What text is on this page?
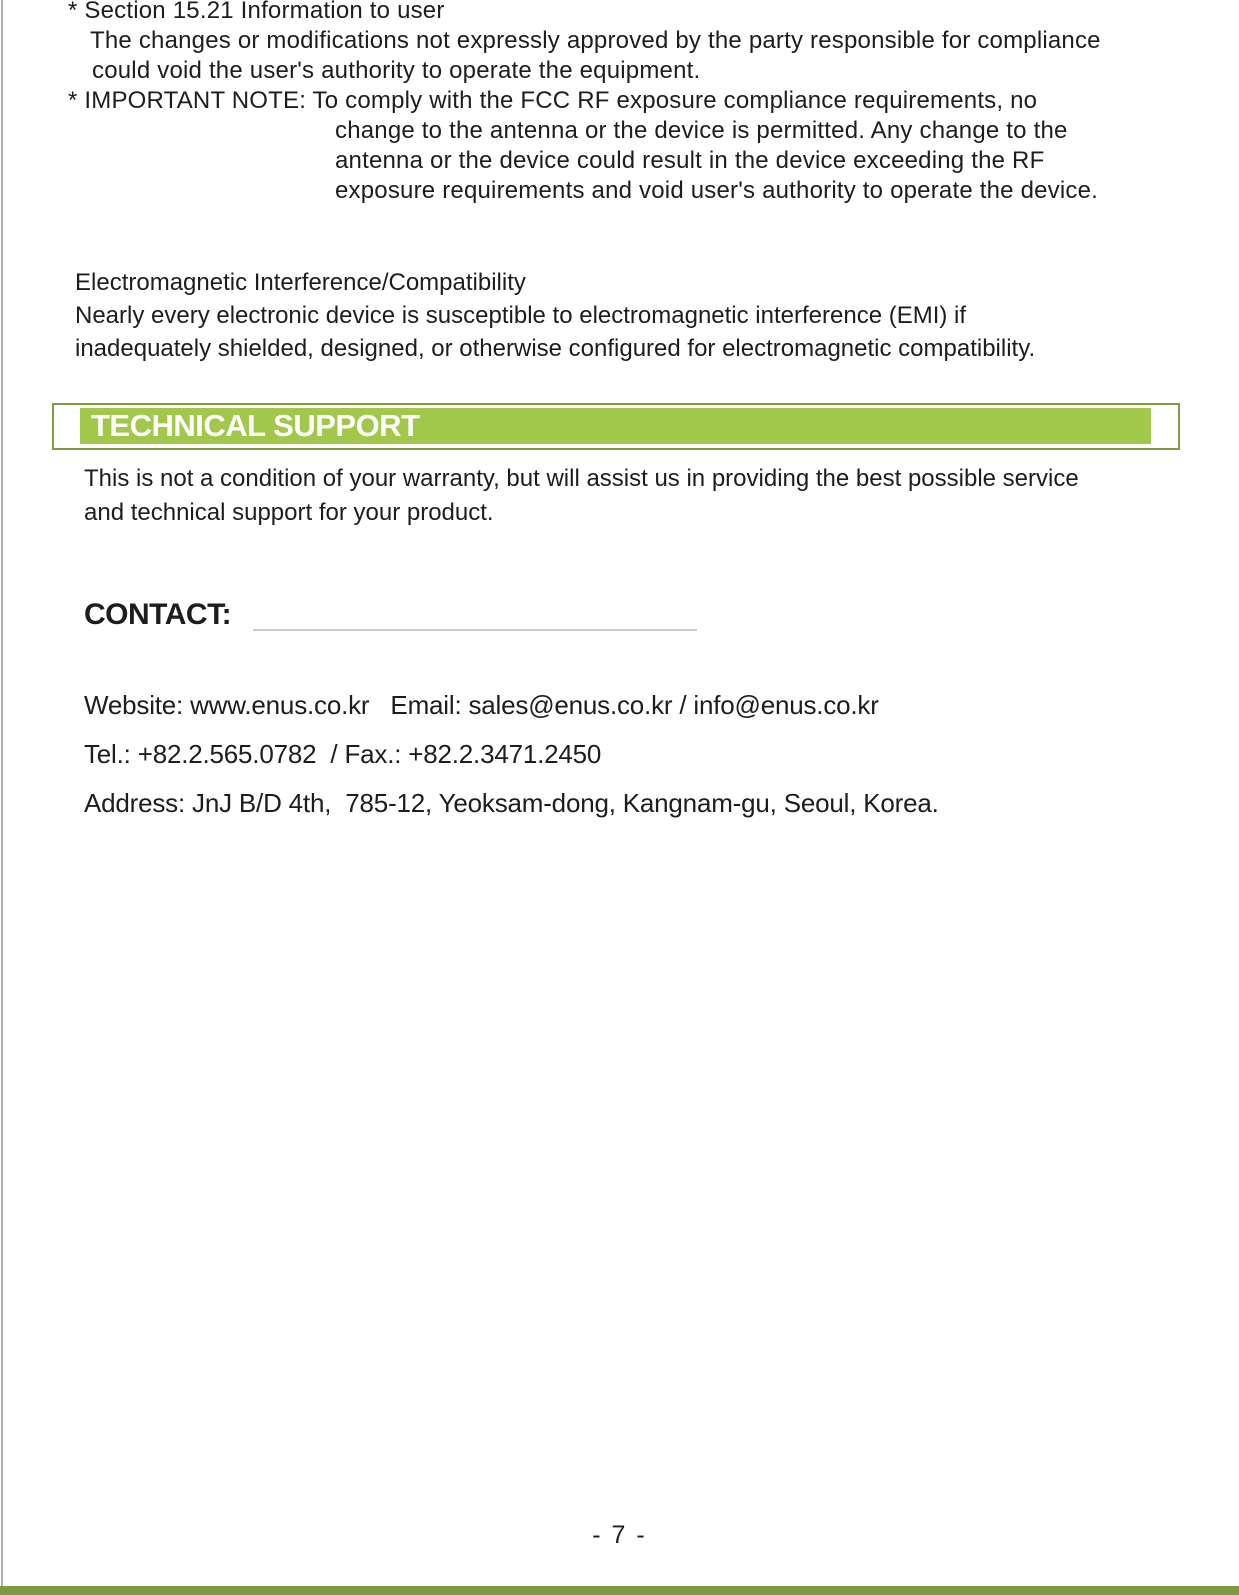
* Section 15.21 Information to user
The changes or modifications not expressly approved by the party responsible for compliance
could void the user's authority to operate the equipment.
* IMPORTANT NOTE: To comply with the FCC RF exposure compliance requirements, no
change to the antenna or the device is permitted. Any change to the
antenna or the device could result in the device exceeding the RF
exposure requirements and void user's authority to operate the device.
Electromagnetic Interference/Compatibility
Nearly every electronic device is susceptible to electromagnetic interference (EMI) if
inadequately shielded, designed, or otherwise configured for electromagnetic compatibility.
TECHNICAL SUPPORT
This is not a condition of your warranty, but will assist us in providing the best possible service
and technical support for your product.
CONTACT:
Website: www.enus.co.kr   Email: sales@enus.co.kr / info@enus.co.kr
Tel.: +82.2.565.0782  / Fax.: +82.2.3471.2450
Address: JnJ B/D 4th,  785-12, Yeoksam-dong, Kangnam-gu, Seoul, Korea.
- 7 -
